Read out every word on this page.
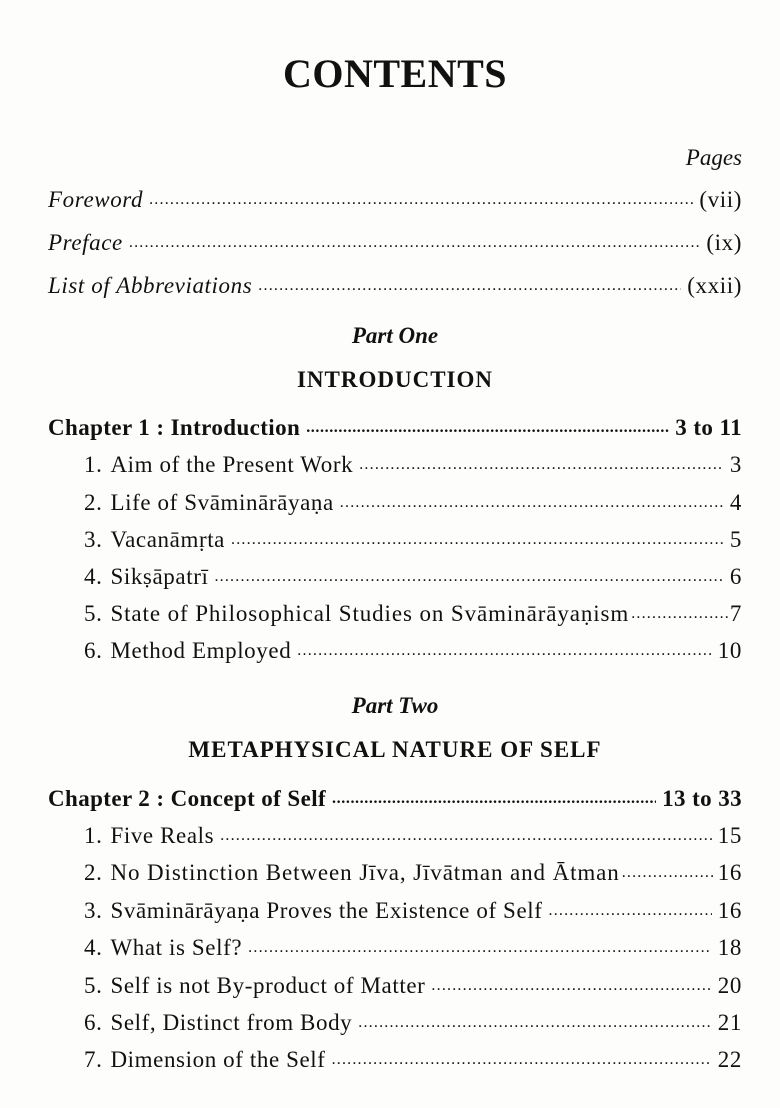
CONTENTS
Pages
Foreword .....	(vii)
Preface .....	(ix)
List of Abbreviations .....	(xxii)
Part One
INTRODUCTION
Chapter 1 : Introduction .....	3 to 11
1. Aim of the Present Work .....	3
2. Life of Svāminārāyaṇa .....	4
3. Vacanāmṛta .....	5
4. Sikṣāpatrī .....	6
5. State of Philosophical Studies on Svāminārāyaṇism .....	7
6. Method Employed .....	10
Part Two
METAPHYSICAL NATURE OF SELF
Chapter 2 : Concept of Self .....	13 to 33
1. Five Reals .....	15
2. No Distinction Between Jīva, Jīvātman and Ātman .....	16
3. Svāminārāyaṇa Proves the Existence of Self .....	16
4. What is Self? .....	18
5. Self is not By-product of Matter .....	20
6. Self, Distinct from Body .....	21
7. Dimension of the Self .....	22
